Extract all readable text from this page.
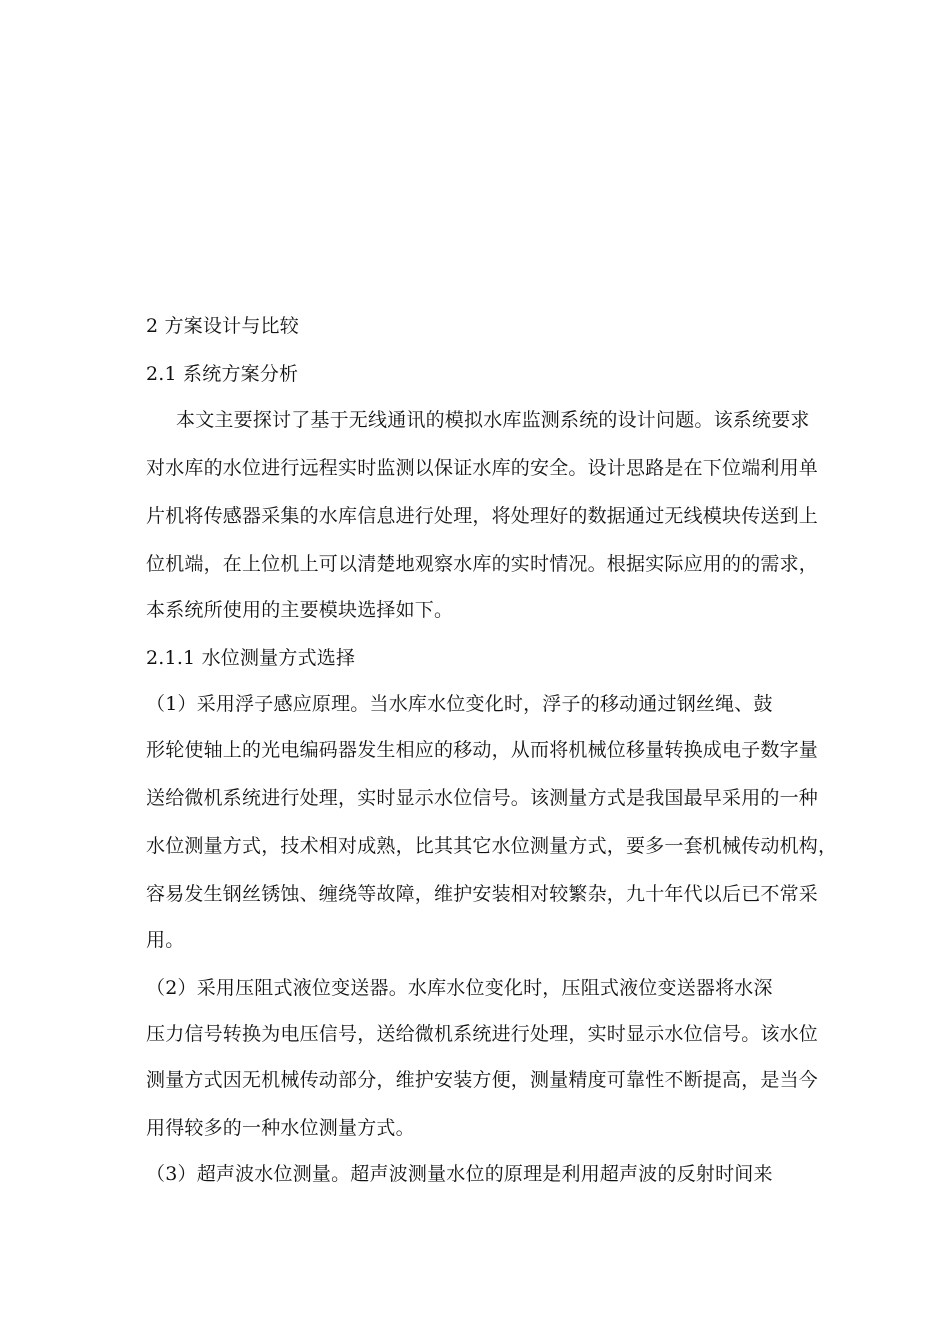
2 方案设计与比较
2.1 系统方案分析
本文主要探讨了基于无线通讯的模拟水库监测系统的设计问题。该系统要求
对水库的水位进行远程实时监测以保证水库的安全。设计思路是在下位端利用单
片机将传感器采集的水库信息进行处理，将处理好的数据通过无线模块传送到上
位机端，在上位机上可以清楚地观察水库的实时情况。根据实际应用的的需求，
本系统所使用的主要模块选择如下。
2.1.1 水位测量方式选择
（1）采用浮子感应原理。当水库水位变化时，浮子的移动通过钢丝绳、鼓
形轮使轴上的光电编码器发生相应的移动，从而将机械位移量转换成电子数字量
送给微机系统进行处理，实时显示水位信号。该测量方式是我国最早采用的一种
水位测量方式，技术相对成熟，比其其它水位测量方式，要多一套机械传动机构，
容易发生钢丝锈蚀、缠绕等故障，维护安装相对较繁杂，九十年代以后已不常采
用。
（2）采用压阻式液位变送器。水库水位变化时，压阻式液位变送器将水深
压力信号转换为电压信号，送给微机系统进行处理，实时显示水位信号。该水位
测量方式因无机械传动部分，维护安装方便，测量精度可靠性不断提高，是当今
用得较多的一种水位测量方式。
（3）超声波水位测量。超声波测量水位的原理是利用超声波的反射时间来
